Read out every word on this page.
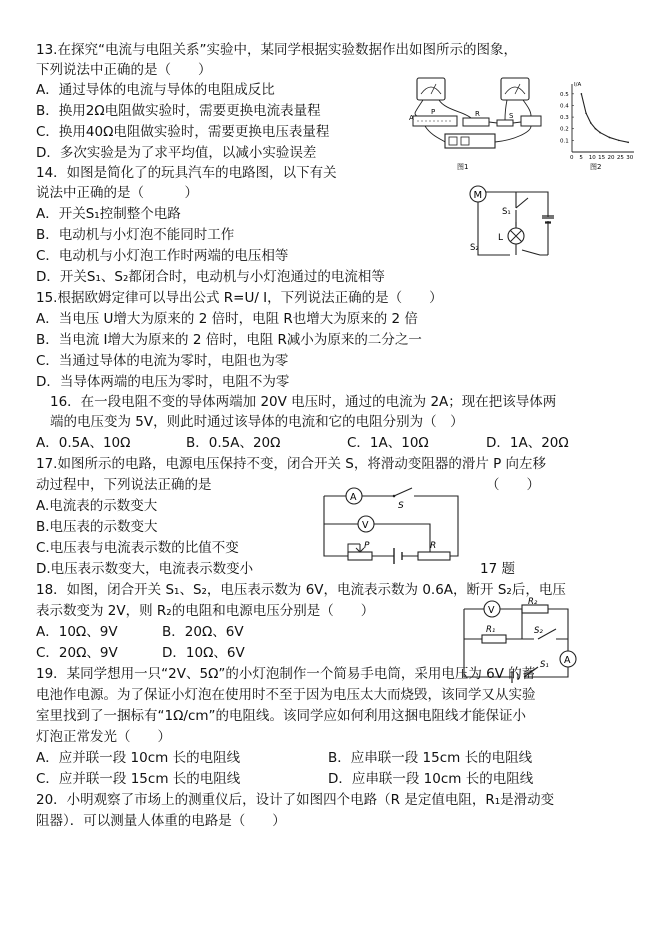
13.在探究“电流与电阻关系”实验中，某同学根据实验数据作出如图所示的图象，
下列说法中正确的是（　　）
A．通过导体的电流与导体的电阻成反比
B．换用2Ω电阻做实验时，需要更换电流表量程
C．换用40Ω电阻做实验时，需要更换电压表量程
D．多次实验是为了求平均值，以减小实验误差
A
P	R	S
图1
I/A
0.5
0.4
0.3
0.2
0.1
0 5 10 15 20 25 30
图2
14．如图是简化了的玩具汽车的电路图，以下有关
说法中正确的是（　　　）
A．开关S₁控制整个电路
B．电动机与小灯泡不能同时工作
C．电动机与小灯泡工作时两端的电压相等
D．开关S₁、S₂都闭合时，电动机与小灯泡通过的电流相等
M
S₁
L
S₂
15.根据欧姆定律可以导出公式 R=U/ I，下列说法正确的是（　　）
A．当电压 U增大为原来的 2 倍时，电阻 R也增大为原来的 2 倍
B．当电流 I增大为原来的 2 倍时，电阻 R减小为原来的二分之一
C．当通过导体的电流为零时，电阻也为零
D．当导体两端的电压为零时，电阻不为零
16．在一段电阻不变的导体两端加 20V 电压时，通过的电流为 2A；现在把该导体两
端的电压变为 5V，则此时通过该导体的电流和它的电阻分别为（　）
A．0.5A、10Ω	B．0.5A、20Ω	C．1A、10Ω	D．1A、20Ω
17.如图所示的电路，电源电压保持不变，闭合开关 S，将滑动变阻器的滑片 P 向左移
动过程中，下列说法正确的是	（　　）
A.电流表的示数变大
B.电压表的示数变大
C.电压表与电流表示数的比值不变
D.电压表示数变大，电流表示数变小	17 题
A
S
V
P	R
18．如图，闭合开关 S₁、S₂，电压表示数为 6V，电流表示数为 0.6A，断开 S₂后，电压
表示数变为 2V，则 R₂的电阻和电源电压分别是（　　）
A．10Ω、9V	B．20Ω、6V
C．20Ω、9V	D．10Ω、6V
V
R₂
R₁	S₂
S₁ A
19．某同学想用一只“2V、5Ω”的小灯泡制作一个简易手电筒，采用电压为 6V 的蓄
电池作电源。为了保证小灯泡在使用时不至于因为电压太大而烧毁，该同学又从实验
室里找到了一捆标有“1Ω/cm”的电阻线。该同学应如何利用这捆电阻线才能保证小
灯泡正常发光（　　）
A．应并联一段 10cm 长的电阻线	B．应串联一段 15cm 长的电阻线
C．应并联一段 15cm 长的电阻线	D．应串联一段 10cm 长的电阻线
20．小明观察了市场上的测重仪后，设计了如图四个电路（R 是定值电阻，R₁是滑动变
阻器）．可以测量人体重的电路是（　　）
